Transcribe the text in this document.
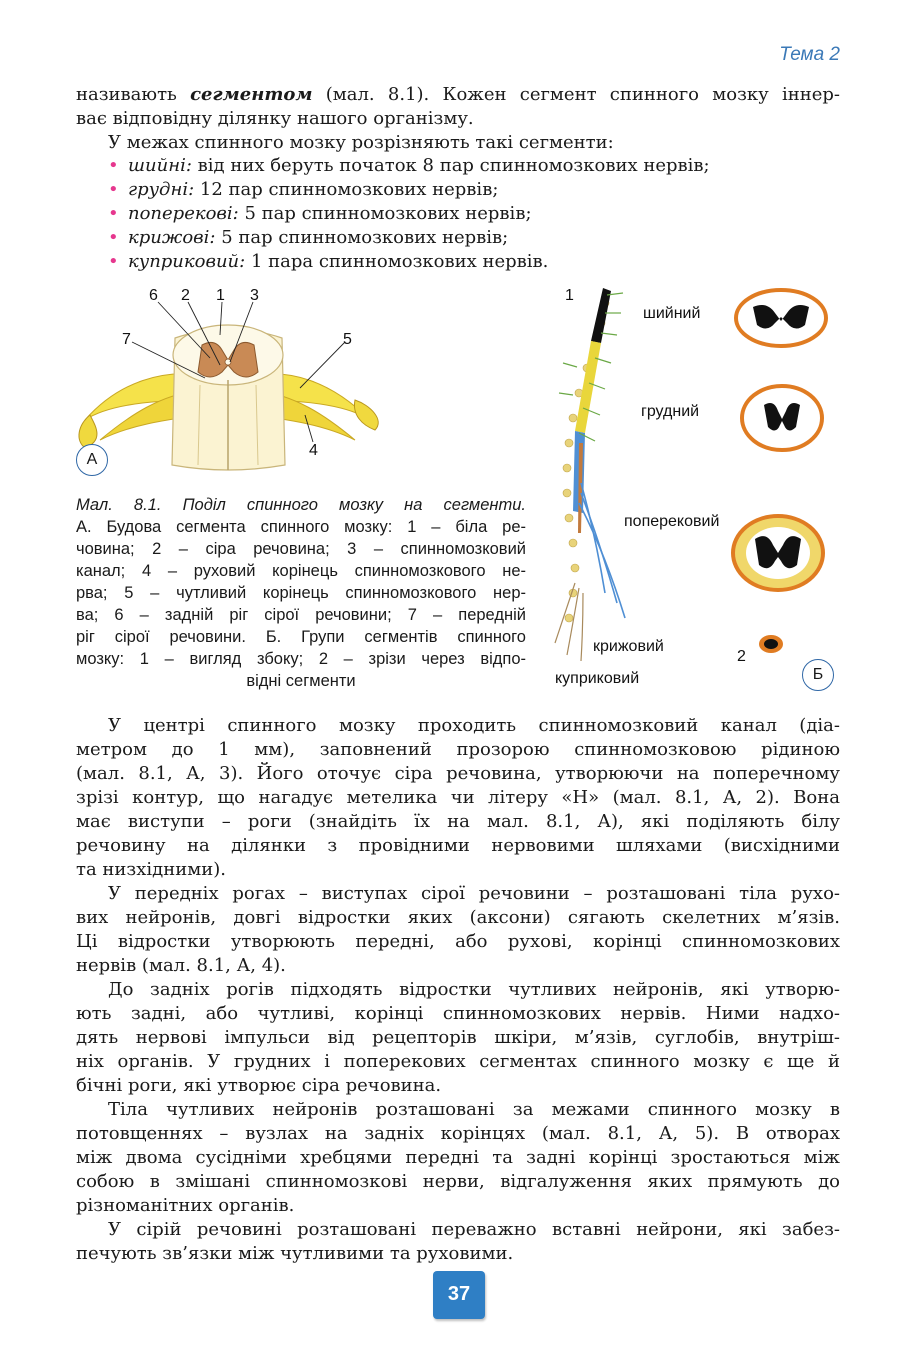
Тема 2
називають сегментом (мал. 8.1). Кожен сегмент спинного мозку іннер-
ває відповідну ділянку нашого організму.
У межах спинного мозку розрізняють такі сегменти:
• шийні: від них беруть початок 8 пар спинномозкових нервів;
• грудні: 12 пар спинномозкових нервів;
• поперекові: 5 пар спинномозкових нервів;
• крижові: 5 пар спинномозкових нервів;
• куприковий: 1 пара спинномозкових нервів.
6 2 1 3
7	5
4
А
1
шийний
грудний
поперековий
крижовий
куприковий
2
Б
Мал. 8.1. Поділ спинного мозку на сегменти.
А. Будова сегмента спинного мозку: 1 – біла ре-
човина; 2 – сіра речовина; 3 – спинномозковий
канал; 4 – руховий корінець спинномозкового не-
рва; 5 – чутливий корінець спинномозкового нер-
ва; 6 – задній ріг сірої речовини; 7 – передній
ріг сірої речовини. Б. Групи сегментів спинного
мозку: 1 – вигляд збоку; 2 – зрізи через відпо-
відні сегменти
У центрі спинного мозку проходить спинномозковий канал (діа-
метром до 1 мм), заповнений прозорою спинномозковою рідиною
(мал. 8.1, А, 3). Його оточує сіра речовина, утворюючи на поперечному
зрізі контур, що нагадує метелика чи літеру «Н» (мал. 8.1, А, 2). Вона
має виступи – роги (знайдіть їх на мал. 8.1, А), які поділяють білу
речовину на ділянки з провідними нервовими шляхами (висхідними
та низхідними).
У передніх рогах – виступах сірої речовини – розташовані тіла рухо-
вих нейронів, довгі відростки яких (аксони) сягають скелетних м’язів.
Ці відростки утворюють передні, або рухові, корінці спинномозкових
нервів (мал. 8.1, А, 4).
До задніх рогів підходять відростки чутливих нейронів, які утворю-
ють задні, або чутливі, корінці спинномозкових нервів. Ними надхо-
дять нервові імпульси від рецепторів шкіри, м’язів, суглобів, внутріш-
ніх органів. У грудних і поперекових сегментах спинного мозку є ще й
бічні роги, які утворює сіра речовина.
Тіла чутливих нейронів розташовані за межами спинного мозку в
потовщеннях – вузлах на задніх корінцях (мал. 8.1, А, 5). В отворах
між двома сусідніми хребцями передні та задні корінці зростаються між
собою в змішані спинномозкові нерви, відгалуження яких прямують до
різноманітних органів.
У сірій речовині розташовані переважно вставні нейрони, які забез-
печують зв’язки між чутливими та руховими.
37
